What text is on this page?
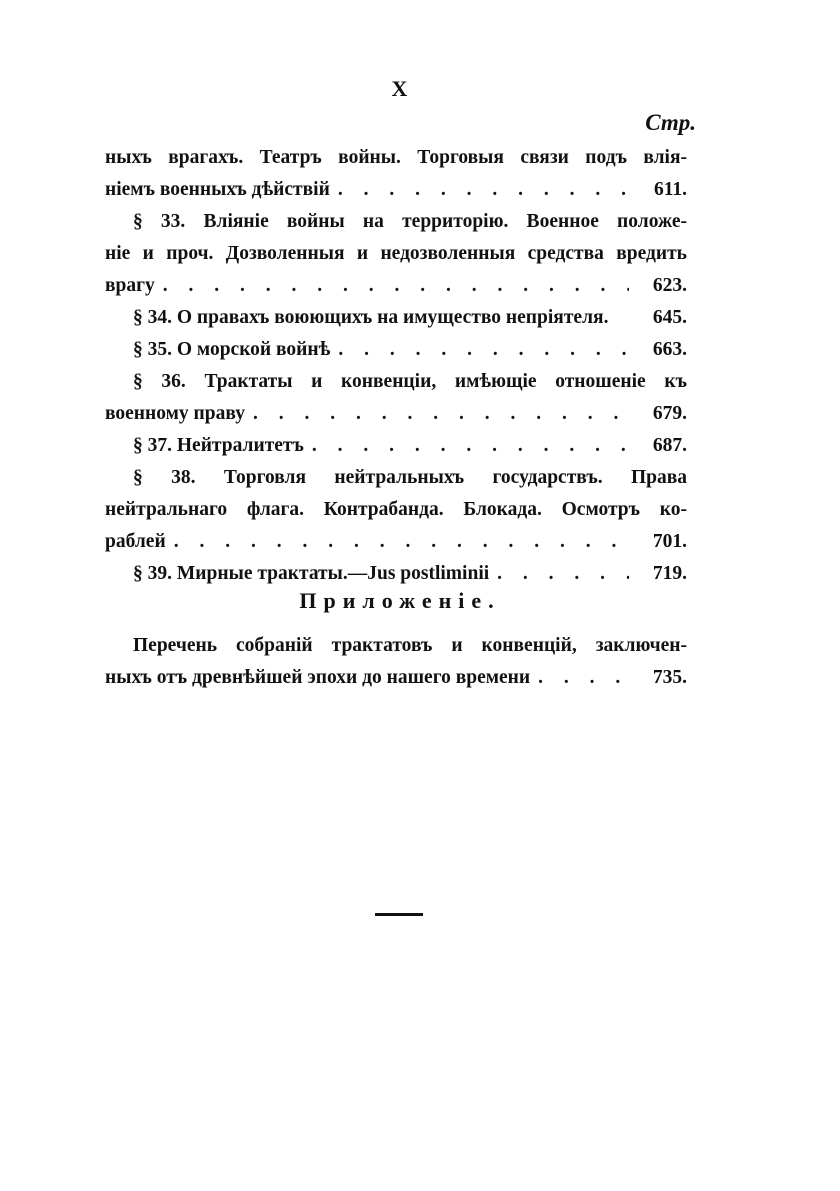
X
Стр.
ныхъ врагахъ. Театръ войны. Торговыя связи подъ влія-
ніемъ военныхъ дѣйствій . . .	611.
§ 33. Вліяніе войны на территорію. Военное положе-
ніе и проч. Дозволенныя и недозволенныя средства вредить
врагу . . .	623.
§ 34. О правахъ воюющихъ на имущество непріятеля.	645.
§ 35. О морской войнѣ . . .	663.
§ 36. Трактаты и конвенціи, имѣющіе отношеніе къ
военному праву . . .	679.
§ 37. Нейтралитетъ . . .	687.
§ 38. Торговля нейтральныхъ государствъ. Права
нейтральнаго флага. Контрабанда. Блокада. Осмотръ ко-
раблей . . .	701.
§ 39. Мирные трактаты.—Jus postliminii . . .	719.
Приложеніе.
Перечень собраній трактатовъ и конвенцій, заключен-
ныхъ отъ древнѣйшей эпохи до нашего времени . . .	735.
